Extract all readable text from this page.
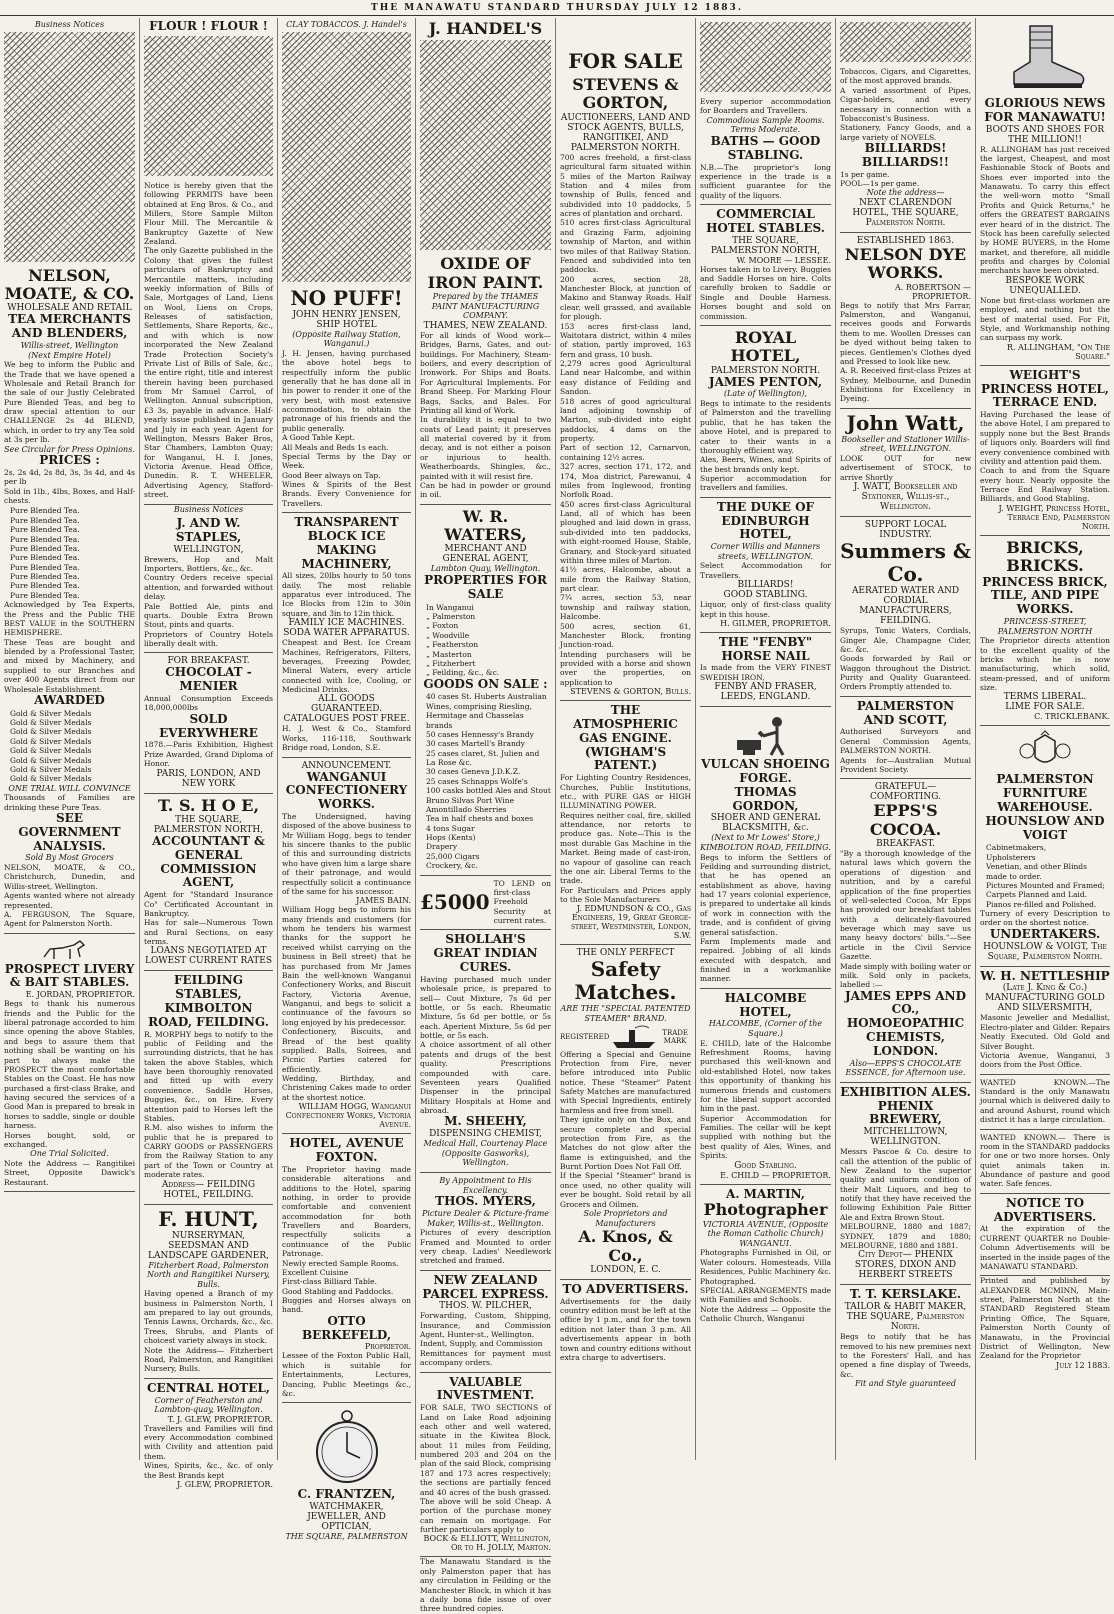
THE MANAWATU STANDARD THURSDAY JULY 12 1883.
Business Notices
NELSON, MOATE, & CO.
WHOLESALE AND RETAIL
TEA MERCHANTS AND BLENDERS,
Willis-street, Wellington
(Next Empire Hotel)
We beg to inform the Public and the Trade that we have opened a Wholesale and Retail Branch for the sale of our Justly Celebrated Pure Blended Teas, and beg to draw special attention to our CHALLENGE 2s 4d BLEND, which, in order to try any Tea sold at 3s per lb.
See Circular for Press Opinions.
PRICES :
2s, 2s 4d, 2s 8d, 3s, 3s 4d, and 4s per lb
Sold in 1lb., 4lbs, Boxes, and Half-chests.
Pure Blended Tea.
Pure Blended Tea.
Pure Blended Tea.
Pure Blended Tea.
Pure Blended Tea.
Pure Blended Tea.
Pure Blended Tea.
Pure Blended Tea.
Pure Blended Tea.
Pure Blended Tea.
Acknowledged by Tea Experts, the Press and the Public THE BEST VALUE in the SOUTHERN HEMISPHERE.
These Teas are bought and blended by a Professional Taster, and mixed by Machinery, and supplied to our Branches and over 400 Agents direct from our Wholesale Establishment.
AWARDED
Gold & Silver Medals
Gold & Silver Medals
Gold & Silver Medals
Gold & Silver Medals
Gold & Silver Medals
Gold & Silver Medals
Gold & Silver Medals
Gold & Silver Medals
ONE TRIAL WILL CONVINCE
Thousands of Families are drinking these Pure Teas.
SEE GOVERNMENT ANALYSIS.
Sold By Most Grocers
NELSON, MOATE, & CO., Christchurch, Dunedin, and Willis-street, Wellington.
Agents wanted where not already represented.
A. FERGUSON, The Square, Agent for Palmerston North.
PROSPECT LIVERY & BAIT STABLES.
E. JORDAN, PROPRIETOR.
Begs to thank his numerous friends and the Public for the liberal patronage accorded to him since opening the above Stables, and begs to assure them that nothing shall be wanting on his part to always make the PROSPECT the most comfortable Stables on the Coast. He has now purchased a first-class Brake, and having secured the services of a Good Man is prepared to break in horses to saddle, single or double harness.
Horses bought, sold, or exchanged.
One Trial Solicited.
Note the Address — Rangitikei Street, Opposite Dawick's Restaurant.
FLOUR ! FLOUR !
Notice is hereby given that the following PERMITS have been obtained at Eng Bros. & Co., and Millers, Store Sample Milton Flour Mill. The Mercantile & Bankruptcy Gazette of New Zealand.
The only Gazette published in the Colony that gives the fullest particulars of Bankruptcy and Mercantile matters, including weekly information of Bills of Sale, Mortgages of Land, Liens on Wool, Liens on Crops, Releases of satisfaction, Settlements, Share Reports, &c., and with which is now incorporated the New Zealand Trade Protection Society's Private List of Bills of Sale, &c., the entire right, title and interest therein having been purchased from Mr Samuel Carrol, of Wellington. Annual subscription, £3 3s, payable in advance. Half-yearly issue published in January and July in each year. Agent for Wellington, Messrs Baker Bros, Star Chambers, Lambton Quay; for Wanganui, H. I. Jones, Victoria Avenue. Head Office, Dunedin. R. T. WHEELER, Advertising Agency, Stafford-street.
Business Notices
J. AND W. STAPLES,
WELLINGTON,
Brewers, Hop and Malt Importers, Bottlers, &c., &c.
Country Orders receive special attention, and forwarded without delay.
Pale Bottled Ale, pints and quarts. Double Extra Brown Stout, pints and quarts.
Proprietors of Country Hotels liberally dealt with.
FOR BREAKFAST.
CHOCOLAT - MENIER
Annual Consumption Exceeds 18,000,000lbs
SOLD EVERYWHERE
1878.—Paris Exhibition, Highest Prize Awarded, Grand Diploma of Honor.
PARIS, LONDON, AND NEW YORK
T. S. H O E,
THE SQUARE, PALMERSTON NORTH,
ACCOUNTANT & GENERAL COMMISSION AGENT,
Agent for "Standard Insurance Co" Certificated Accountant in Bankruptcy.
Has for sale—Numerous Town and Rural Sections, on easy terms.
LOANS NEGOTIATED AT LOWEST CURRENT RATES
FEILDING STABLES, KIMBOLTON ROAD, FEILDING.
R. MORPHY begs to notify to the public of Feilding and the surrounding districts, that he has taken the above Stables, which have been thoroughly renovated and fitted up with every convenience. Saddle Horses, Buggies, &c., on Hire. Every attention paid to Horses left the Stables.
R.M. also wishes to inform the public that he is prepared to CARRY GOODS or PASSENGERS from the Railway Station to any part of the Town or Country at moderate rates.
Address— FEILDING HOTEL, FEILDING.
F. HUNT,
NURSERYMAN, SEEDSMAN AND LANDSCAPE GARDENER,
Fitzherbert Road, Palmerston North and Rangitikei Nursery, Bulls.
Having opened a Branch of my business in Palmerston North, I am prepared to lay out grounds, Tennis Lawns, Orchards, &c., &c. Trees, Shrubs, and Plants of choicest variety always in stock.
Note the Address— Fitzherbert Road, Palmerston, and Rangitikei Nursery, Bulls.
CENTRAL HOTEL,
Corner of Featherston and Lambton-quay, Wellington.
T. J. GLEW, PROPRIETOR.
Travellers and Families will find every Accommodation combined with Civility and attention paid them.
Wines, Spirits, &c., &c. of only the Best Brands kept
J. GLEW, PROPRIETOR.
CLAY TOBACCOS. J. Handel's
NO PUFF!
JOHN HENRY JENSEN, SHIP HOTEL
(Opposite Railway Station, Wanganui.)
J. H. Jensen, having purchased the above hotel begs to respectfully inform the public generally that he has done all in his power to render it one of the very best, with most extensive accommodation, to obtain the patronage of his friends and the public generally.
A Good Table Kept.
All Meals and Beds 1s each.
Special Terms by the Day or Week.
Good Beer always on Tap.
Wines & Spirits of the Best Brands. Every Convenience for Travellers.
TRANSPARENT BLOCK ICE MAKING MACHINERY,
All sizes, 20lbs hourly to 50 tons daily. The most reliable apparatus ever introduced. The Ice Blocks from 12in to 30in square, and 3in to 12in thick.
FAMILY ICE MACHINES.
SODA WATER APPARATUS.
Cheapest and Best. Ice Cream Machines, Refrigerators, Filters, beverages, Freezing Powder, Mineral Waters, every article connected with Ice, Cooling, or Medicinal Drinks.
ALL GOODS GUARANTEED.
CATALOGUES POST FREE.
H. J. West & Co., Stamford Works, 116-118, Southwark Bridge road, London, S.E.
ANNOUNCEMENT.
WANGANUI CONFECTIONERY WORKS.
The Undersigned, having disposed of the above business to Mr William Hogg, begs to tender his sincere thanks to the public of this and surrounding districts who have given him a large share of their patronage, and would respectfully solicit a continuance of the same for his successor.
JAMES BAIN.
William Hogg begs to inform his many friends and customers (for whom he tenders his warmest thanks for the support he received whilst carrying on the business in Bell street) that he has purchased from Mr James Bain the well-known Wanganui Confectionery Works, and Biscuit Factory, Victoria Avenue, Wanganui, and begs to solicit a continuance of the favours so long enjoyed by his predecessor.
Confectionery, Biscuits, and Bread of the best quality supplied. Balls, Soirees, and Picnic Parties catered for efficiently.
Wedding, Birthday, and Christening Cakes made to order at the shortest notice.
WILLIAM HOGG, Wanganui Confectionery Works, Victoria Avenue.
HOTEL, AVENUE FOXTON.
The Proprietor having made considerable alterations and additions to the Hotel, sparing nothing, in order to provide comfortable and convenient accommodation for both Travellers and Boarders, respectfully solicits a continuance of the Public Patronage.
Newly erected Sample Rooms.
Excellent Cuisine
First-class Billiard Table.
Good Stabling and Paddocks.
Buggies and Horses always on hand.
OTTO BERKEFELD,
Proprietor.
Lessee of the Foxton Public Hall, which is suitable for Entertainments, Lectures, Dancing, Public Meetings &c., &c.
C. FRANTZEN,
WATCHMAKER, JEWELLER, AND OPTICIAN,
THE SQUARE, PALMERSTON
J. HANDEL'S
OXIDE OF IRON PAINT.
Prepared by the THAMES PAINT MANUFACTURING COMPANY.
THAMES, NEW ZEALAND.
For all kinds of Wood work—Bridges, Barns, Gates, and out-buildings. For Machinery, Steam-boilers, and every description of Ironwork. For Ships and Boats. For Agricultural Implements. For Brand Sheep. For Marking Flour Bags, Sacks, and Bales. For Printing all kind of Work.
In durability it is equal to two coats of Lead paint; it preserves all material covered by it from decay, and is not either a poison or injurious to health. Weatherboards, Shingles, &c., painted with it will resist fire.
Can be had in powder or ground in oil.
W. R. WATERS,
MERCHANT AND GENERAL AGENT,
Lambton Quay, Wellington.
PROPERTIES FOR SALE
In Wanganui
„ Palmerston
„ Foxton
„ Woodville
„ Featherston
„ Masterton
„ Fitzherbert
„ Feilding, &c., &c.
GOODS ON SALE :
40 cases St. Huberts Australian Wines, comprising Riesling, Hermitage and Chasselas brands
50 cases Hennessy's Brandy
30 cases Martell's Brandy
25 cases claret, St. Julien and La Rose &c.
30 cases Geneva J.D.K.Z.
25 cases Schnapps Wolfe's
100 casks bottled Ales and Stout
Bruno Silvas Port Wine
Amontillado Sherries
Tea in half chests and boxes
4 tons Sugar
Hops (Kents)
Drapery
25,000 Cigars
Crockery, &c.
£5000
TO LEND on first-class Freehold Security at current rates.
SHOLLAH'S GREAT INDIAN CURES.
Having purchased much under wholesale price, is prepared to sell— Cout Mixture, 7s 6d per bottle, or 5s each. Rheumatic Mixture, 5s 6d per bottle, or 5s each. Aperient Mixture, 5s 6d per bottle, or 5s each.
A choice assortment of all other patents and drugs of the best quality. Prescriptions compounded with care. Seventeen years Qualified Dispenser in the principal Military Hospitals at Home and abroad.
M. SHEEHY,
DISPENSING CHEMIST,
Medical Hall, Courtenay Place (Opposite Gasworks), Wellington.
By Appointment to His Excellency.
THOS. MYERS,
Picture Dealer & Picture-frame Maker, Willis-st., Wellington.
Pictures of every description Framed and Mounted to order very cheap. Ladies' Needlework stretched and framed.
NEW ZEALAND PARCEL EXPRESS.
THOS. W. PILCHER,
Forwarding, Custom, Shipping, Insurance, and Commission Agent, Hunter-st., Wellington.
Indent, Supply, and Commission
Remittances for payment must accompany orders.
VALUABLE INVESTMENT.
FOR SALE, TWO SECTIONS of Land on Lake Road adjoining each other and well watered, situate in the Kiwitea Block, about 11 miles from Feilding, numbered 203 and 204 on the plan of the said Block, comprising 187 and 173 acres respectively; the sections are partially fenced and 40 acres of the bush grassed. The above will be sold Cheap. A portion of the purchase money can remain on mortgage. For further particulars apply to
BOCK & ELLIOTT, Wellington, Or to H. JOLLY, Marton.
The Manawatu Standard is the only Palmerston paper that has any circulation in Feilding or the Manchester Block, in which it has a daily bona fide issue of over three hundred copies.
FOR SALE
STEVENS & GORTON,
AUCTIONEERS, LAND AND STOCK AGENTS, BULLS, RANGITIKEI, AND PALMERSTON NORTH.
700 acres freehold, a first-class agricultural farm situated within 5 miles of the Marton Railway Station and 4 miles from township of Bulls, fenced and subdivided into 10 paddocks, 5 acres of plantation and orchard.
510 acres first-class Agricultural and Grazing Farm, adjoining township of Marton, and within two miles of that Railway Station. Fenced and subdivided into ten paddocks.
200 acres, section 28, Manchester Block, at junction of Makino and Stanway Roads. Half clear, well grassed, and available for plough.
153 acres first-class land, Waitotara district, within 4 miles of station, partly improved, 163 fern and grass, 10 bush.
2,279 acres good Agricultural Land near Halcombe, and within easy distance of Feilding and Sandon.
518 acres of good agricultural land adjoining township of Marton, sub-divided into eight paddocks, 4 dams on the property.
Part of section 12, Carnarvon, containing 12½ acres.
327 acres, section 171, 172, and 174, Moa district, Parewanui, 4 miles from Inglewood, fronting Norfolk Road.
450 acres first-class Agricultural Land, all of which has been ploughed and laid down in grass, sub-divided into ten paddocks, with eight-roomed House, Stable, Granary, and Stock-yard situated within three miles of Marton.
41½ acres, Halcombe, about a mile from the Railway Station, part clear.
7¾ acres, section 53, near township and railway station, Halcombe.
500 acres, section 61, Manchester Block, fronting Junction-road.
Intending purchasers will be provided with a horse and shown over the properties, on application to
STEVENS & GORTON, Bulls.
THE ATMOSPHERIC GAS ENGINE. (WIGHAM'S PATENT.)
For Lighting Country Residences, Churches, Public Institutions, etc., with PURE GAS or HIGH ILLUMINATING POWER.
Requires neither coal, fire, skilled attendance, nor retorts to produce gas. Note—This is the most durable Gas Machine in the Market. Being made of cast-iron, no vapour of gasoline can reach the one air. Liberal Terms to the trade.
For Particulars and Prices apply to the Sole Manufacturers
J. EDMUNDSON & CO., Gas Engineers, 19, Great George-street, Westminster, London, S.W.
THE ONLY PERFECT
Safety Matches.
ARE THE "SPECIAL PATENTED STEAMER" BRAND.
REGISTERED	TRADE MARK
Offering a Special and Genuine Protection from Fire, never before introduced into Public notice. These "Steamer" Patent Safety Matches are manufactured with Special Ingredients, entirely harmless and free from smell.
They ignite only on the Box, and secure complete and special protection from Fire, as the Matches do not glow after the flame is extinguished, and the Burnt Portion Does Not Fall Off.
If the Special "Steamer" brand is once used, no other quality will ever be bought. Sold retail by all Grocers and Oilmen.
Sole Proprietors and Manufacturers
A. Knos, & Co.,
LONDON, E. C.
TO ADVERTISERS.
Advertisements for the daily country edition must be left at the office by 1 p.m., and for the town edition not later than 3 p.m. All advertisements appear in both town and country editions without extra charge to advertisers.
Every superior accommodation for Boarders and Travellers.
Commodious Sample Rooms. Terms Moderate.
BATHS — GOOD STABLING.
N.B.—The proprietor's long experience in the trade is a sufficient guarantee for the quality of the liquors.
COMMERCIAL HOTEL STABLES.
THE SQUARE, PALMERSTON NORTH,
W. MOORE — LESSEE.
Horses taken in to Livery. Buggies and Saddle Horses on hire. Colts carefully broken to Saddle or Single and Double Harness. Horses bought and sold on commission.
ROYAL HOTEL,
PALMERSTON NORTH.
JAMES PENTON,
(Late of Wellington),
Begs to intimate to the residents of Palmerston and the travelling public, that he has taken the above Hotel, and is prepared to cater to their wants in a thoroughly efficient way.
Ales, Beers, Wines, and Spirits of the best brands only kept.
Superior accommodation for travellers and families.
THE DUKE OF EDINBURGH HOTEL,
Corner Willis and Manners streets, WELLINGTON.
Select Accommodation for Travellers.
BILLIARDS!
GOOD STABLING.
Liquor, only of first-class quality kept in this house.
H. GILMER, PROPRIETOR.
THE "FENBY" HORSE NAIL
Is made from the VERY FINEST SWEDISH IRON,
FENBY AND FRASER, LEEDS, ENGLAND.
VULCAN SHOEING FORGE.
THOMAS GORDON,
SHOER AND GENERAL BLACKSMITH, &c.
(Next to Mr Lowes' Store,) KIMBOLTON ROAD, FEILDING.
Begs to inform the Settlers of Feilding and surrounding district, that he has opened an establishment as above, having had 17 years colonial experience, is prepared to undertake all kinds of work in connection with the trade, and is confident of giving general satisfaction.
Farm Implements made and repaired. Jobbing of all kinds executed with despatch, and finished in a workmanlike manner.
HALCOMBE HOTEL,
HALCOMBE, (Corner of the Square.)
E. CHILD, late of the Halcombe Refreshment Rooms, having purchased this well-known and old-established Hotel, now takes this opportunity of thanking his numerous friends and customers for the liberal support accorded him in the past.
Superior Accommodation for Families. The cellar will be kept supplied with nothing but the best quality of Ales, Wines, and Spirits.
Good Stabling.
E. CHILD — PROPRIETOR.
A. MARTIN,
Photographer
VICTORIA AVENUE, (Opposite the Roman Catholic Church) WANGANUI.
Photographs Furnished in Oil, or Water colours. Homesteads, Villa Residences, Public Machinery &c. Photographed.
SPECIAL ARRANGEMENTS made with Families and Schools.
Note the Address — Opposite the Catholic Church, Wanganui
Tobaccos, Cigars, and Cigarettes, of the most approved brands.
A varied assortment of Pipes, Cigar-holders, and every necessary in connection with a Tobacconist's Business.
Stationery, Fancy Goods, and a large variety of NOVELS.
BILLIARDS! BILLIARDS!!
1s per game.
POOL—1s per game.
Note the address—
NEXT CLARENDON HOTEL, THE SQUARE, Palmerston North.
ESTABLISHED 1863.
NELSON DYE WORKS.
A. ROBERTSON — PROPRIETOR.
Begs to notify that Mrs Farrar, Palmerston, and Wanganui, receives goods and Forwards them to me. Woollen Dresses can be dyed without being taken to pieces. Gentlemen's Clothes dyed and Pressed to look like new.
A. R. Received first-class Prizes at Sydney, Melbourne, and Dunedin Exhibitions for Excellency in Dyeing.
John Watt,
Bookseller and Stationer Willis-street, WELLINGTON.
LOOK OUT for new advertisement of STOCK, to arrive Shortly
J. WATT, Bookseller and Stationer, Willis-st., Wellington.
SUPPORT LOCAL INDUSTRY.
Summers & Co.
AERATED WATER AND CORDIAL MANUFACTURERS, FEILDING.
Syrups, Tonic Waters, Cordials, Ginger Ale, Champagne Cider, &c. &c.
Goods forwarded by Rail or Waggon throughout the District. Purity and Quality Guaranteed. Orders Promptly attended to.
PALMERSTON AND SCOTT,
Authorised Surveyors and General Commission Agents, PALMERSTON NORTH.
Agents for—Australian Mutual Provident Society.
GRATEFUL—COMFORTING.
EPPS'S COCOA.
BREAKFAST.
"By a thorough knowledge of the natural laws which govern the operations of digestion and nutrition, and by a careful application of the fine properties of well-selected Cocoa, Mr Epps has provided our breakfast tables with a delicately-flavoured beverage which may save us many heavy doctors' bills."—See article in the Civil Service Gazette.
Made simply with boiling water or milk. Sold only in packets, labelled :—
JAMES EPPS AND CO., HOMOEOPATHIC CHEMISTS, LONDON.
Also—EPPS'S CHOCOLATE ESSENCE, for Afternoon use.
EXHIBITION ALES.
PHENIX BREWERY,
MITCHELLTOWN, WELLINGTON.
Messrs Pascoe & Co. desire to call the attention of the public of New Zealand to the superior quality and uniform condition of their Malt Liquors, and beg to notify that they have received the following Exhibition Pale Bitter Ale and Extra Brown Stout.
MELBOURNE, 1880 and 1887; SYDNEY, 1879 and 1880; MELBOURNE, 1880 and 1881.
City Depot— PHENIX STORES, DIXON AND HERBERT STREETS
T. T. KERSLAKE.
TAILOR & HABIT MAKER, THE SQUARE, Palmerston North.
Begs to notify that he has removed to his new premises next to the Foresters' Hall, and has opened a fine display of Tweeds, &c.
Fit and Style guaranteed
GLORIOUS NEWS FOR MANAWATU!
BOOTS AND SHOES FOR THE MILLION!!
R. ALLINGHAM has just received the largest, Cheapest, and most Fashionable Stock of Boots and Shoes ever imported into the Manawatu. To carry this effect the well-worn motto "Small Profits and Quick Returns," he offers the GREATEST BARGAINS ever heard of in the district. The Stock has been carefully selected by HOME BUYERS, in the Home market, and therefore, all middle profits and charges by Colonial merchants have been obviated.
BESPOKE WORK UNEQUALLED.
None but first-class workmen are employed, and nothing but the best of material used. For Fit, Style, and Workmanship nothing can surpass my work.
R. ALLINGHAM, "On The Square."
WEIGHT'S PRINCESS HOTEL, TERRACE END.
Having Purchased the lease of the above Hotel, I am prepared to supply none but the Best Brands of liquors only. Boarders will find every convenience combined with civility and attention paid them.
Coach to and from the Square every hour. Nearly opposite the Terrace End Railway Station. Billiards, and Good Stabling.
J. WEIGHT, Princess Hotel, Terrace End, Palmerston North.
BRICKS, BRICKS.
PRINCESS BRICK, TILE, AND PIPE WORKS.
PRINCESS-STREET, PALMERSTON NORTH
The Proprietor directs attention to the excellent quality of the bricks which he is now manufacturing, which solid, steam-pressed, and of uniform size.
TERMS LIBERAL.
LIME FOR SALE.
C. TRICKLEBANK.
PALMERSTON FURNITURE WAREHOUSE.
HOUNSLOW AND VOIGT
Cabinetmakers,
Upholsterers
Venetian, and other Blinds made to order.
Pictures Mounted and Framed;
Carpets Planned and Laid.
Pianos re-filled and Polished.
Turnery of every Description to order on the shortest notice.
UNDERTAKERS.
HOUNSLOW & VOIGT, The Square, Palmerston North.
W. H. NETTLESHIP
(Late J. King & Co.) MANUFACTURING GOLD AND SILVERSMITH,
Masonic Jeweller and Medallist, Electro-plater and Gilder. Repairs Neatly Executed. Old Gold and Silver Bought.
Victoria Avenue, Wanganui, 3 doors from the Post Office.
WANTED KNOWN.—The Standard is the only Manawatu journal which is delivered daily to and around Ashurst, round which district it has a large circulation.
WANTED KNOWN.— There is room in the STANDARD paddocks for one or two more horses. Only quiet animals taken in. Abundance of pasture and good water. Safe fences.
NOTICE TO ADVERTISERS.
At the expiration of the CURRENT QUARTER no Double-Column Advertisements will be inserted in the inside pages of the MANAWATU STANDARD.
Printed and published by ALEXANDER MCMINN, Main-street, Palmerston North at the STANDARD Registered Steam Printing Office, The Square, Palmerston North County of Manawatu, in the Provincial District of Wellington, New Zealand for the Proprietor
July 12 1883.
